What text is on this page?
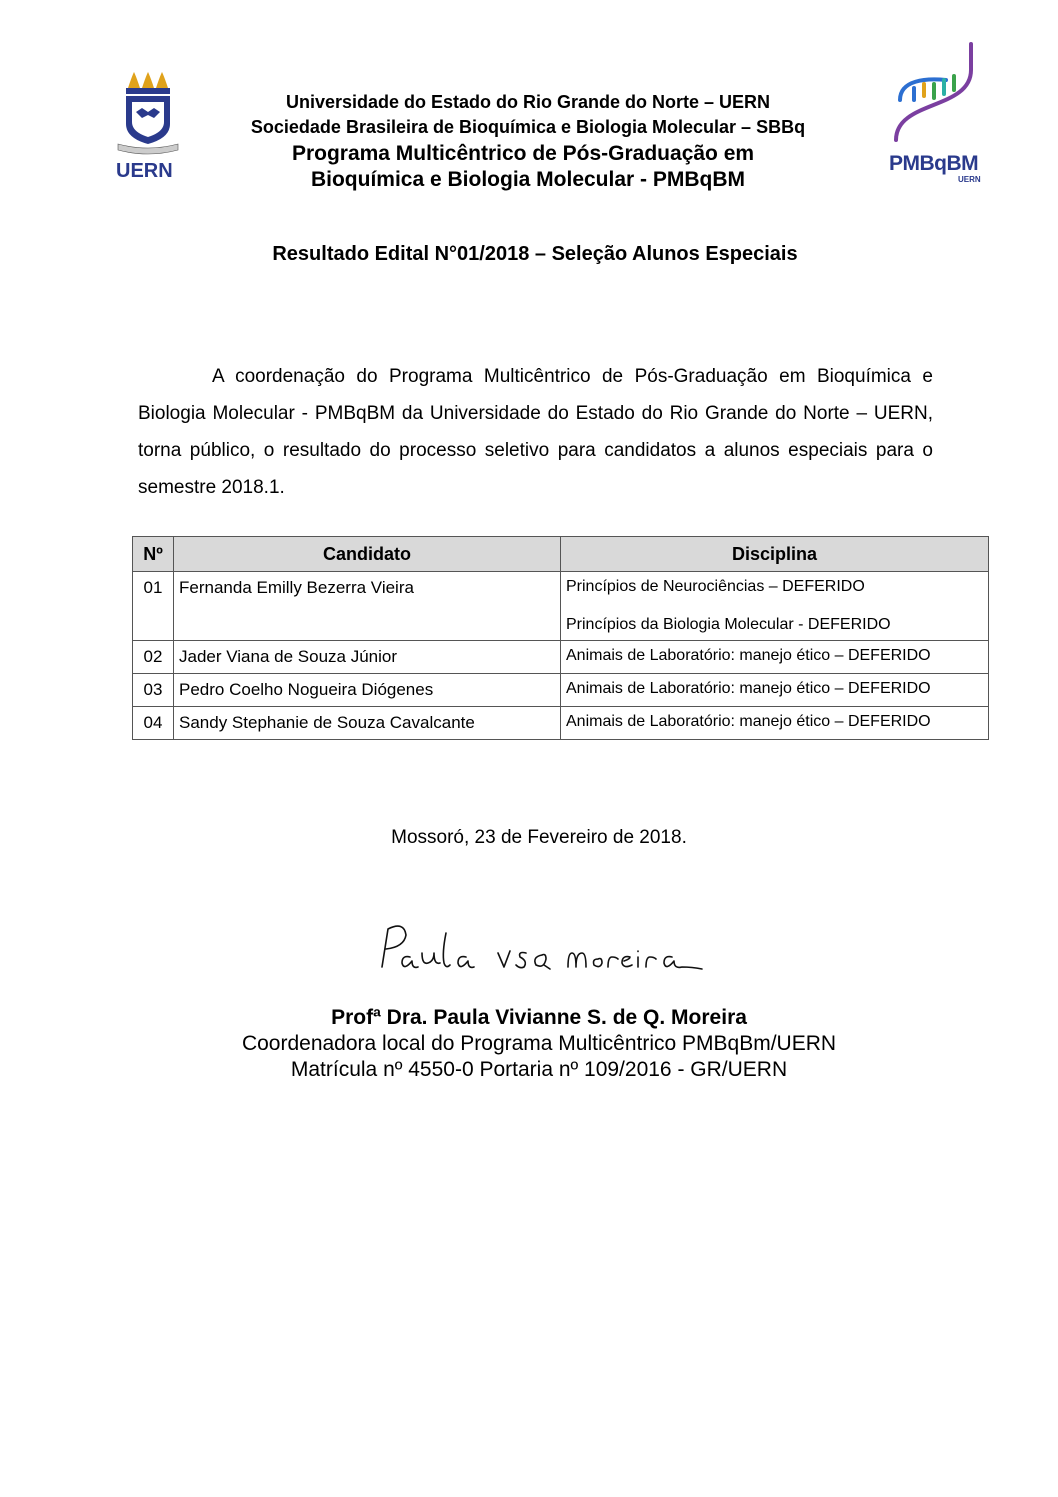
UERN	PMBqBM
UERN
Universidade do Estado do Rio Grande do Norte – UERN
Sociedade Brasileira de Bioquímica e Biologia Molecular – SBBq
Programa Multicêntrico de Pós-Graduação em
Bioquímica e Biologia Molecular - PMBqBM
Resultado Edital N°01/2018 – Seleção Alunos Especiais
A coordenação do Programa Multicêntrico de Pós-Graduação em Bioquímica e Biologia Molecular - PMBqBM da Universidade do Estado do Rio Grande do Norte – UERN, torna público, o resultado do processo seletivo para candidatos a alunos especiais para o semestre 2018.1.
Nº	Candidato	Disciplina
01	Fernanda Emilly Bezerra Vieira	Princípios de Neurociências – DEFERIDO
Princípios da Biologia Molecular - DEFERIDO

02	Jader Viana de Souza Júnior	Animais de Laboratório: manejo ético – DEFERIDO

03	Pedro Coelho Nogueira Diógenes	Animais de Laboratório: manejo ético – DEFERIDO

04	Sandy Stephanie de Souza Cavalcante	Animais de Laboratório: manejo ético – DEFERIDO
Mossoró, 23 de Fevereiro de 2018.
Profª Dra. Paula Vivianne S. de Q. Moreira
Coordenadora local do Programa Multicêntrico PMBqBm/UERN
Matrícula nº 4550-0 Portaria nº 109/2016 - GR/UERN
